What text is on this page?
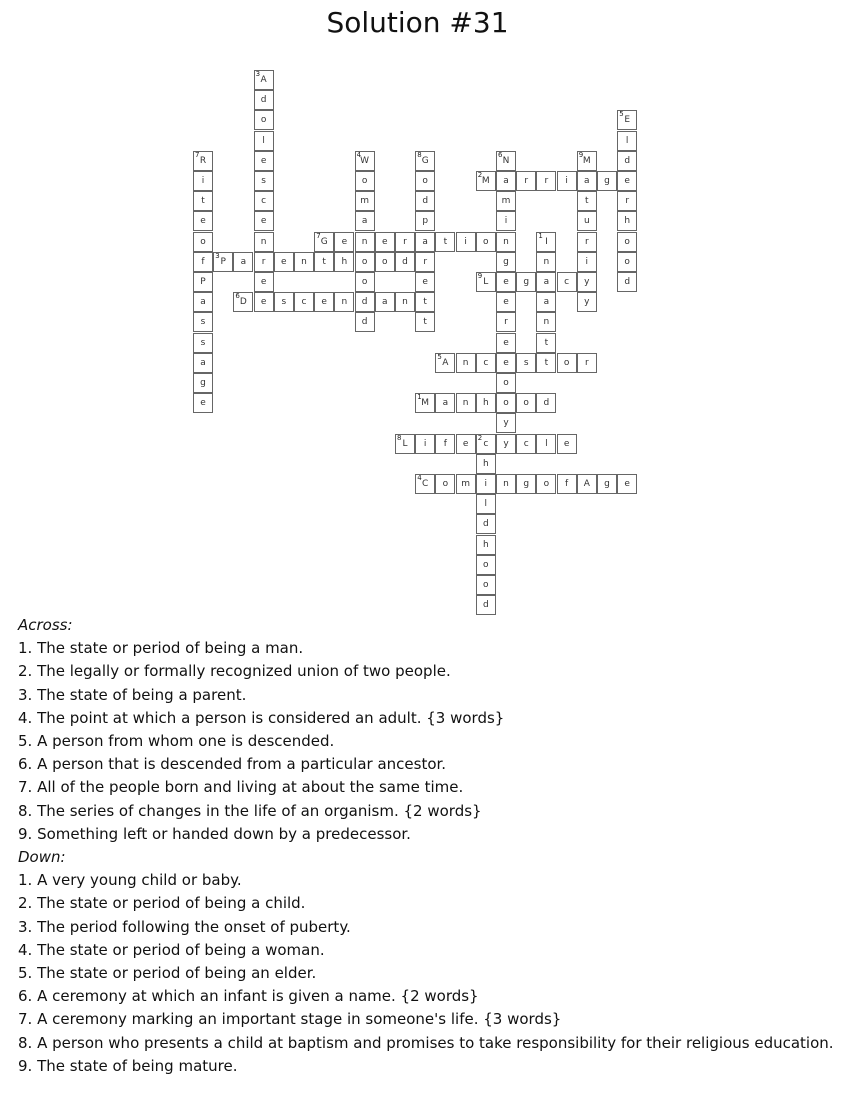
Solution #31
M
1
a n h o o d
M
2
a r r i a g e
P
3
a r e n t h o o d
C
4
o m i n g o f A g e
A
5
n c e s t o r
D
6
e s c e n d a n t
G
7
e n e r a t i o n
L
8
i f e c
2
y c l e
L
9
e g a c y
I
1
n
a
n
t
h
l
d
h
o
o
d
A
3
d
o
l
e
s
c
e
n
e
W
4
o
m
a
o
d
E
5
l
d
r
h
o
o
d
N
6
m
i
g
e
r
e
o
y
R
7
i
t
e
o
f
P
a
s
s
a
g
e
G
8
o
d
p
r
e
t
M
9
t
u
r
i
y
Across:
1. The state or period of being a man.
2. The legally or formally recognized union of two people.
3. The state of being a parent.
4. The point at which a person is considered an adult. {3 words}
5. A person from whom one is descended.
6. A person that is descended from a particular ancestor.
7. All of the people born and living at about the same time.
8. The series of changes in the life of an organism. {2 words}
9. Something left or handed down by a predecessor.
Down:
1. A very young child or baby.
2. The state or period of being a child.
3. The period following the onset of puberty.
4. The state or period of being a woman.
5. The state or period of being an elder.
6. A ceremony at which an infant is given a name. {2 words}
7. A ceremony marking an important stage in someone's life. {3 words}
8. A person who presents a child at baptism and promises to take responsibility for their religious education.
9. The state of being mature.
